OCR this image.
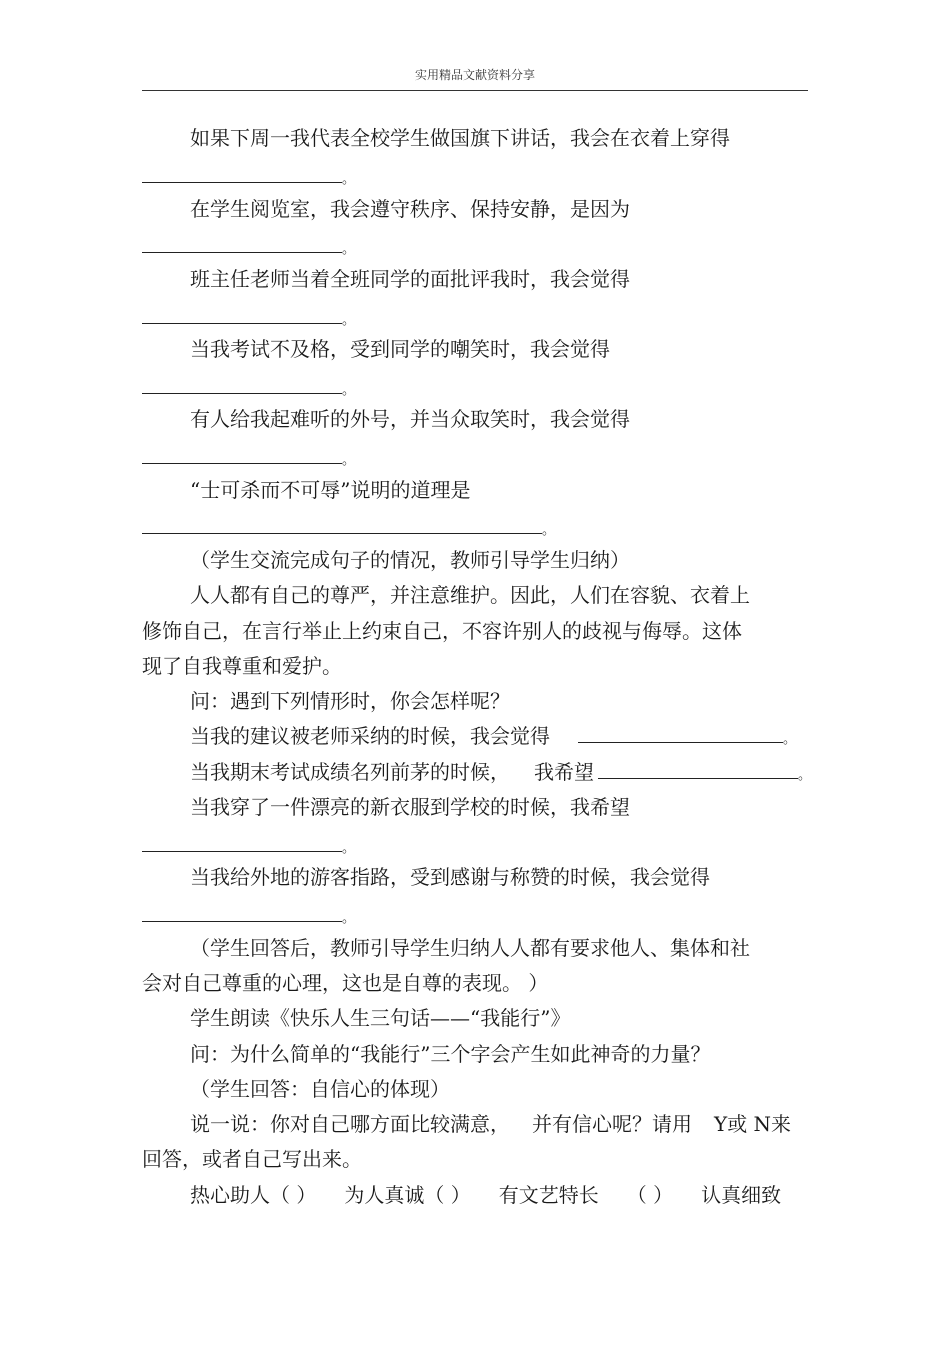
实用精品文献资料分享
如果下周一我代表全校学生做国旗下讲话，我会在衣着上穿得
。
在学生阅览室，我会遵守秩序、保持安静，是因为
。
班主任老师当着全班同学的面批评我时，我会觉得
。
当我考试不及格，受到同学的嘲笑时，我会觉得
。
有人给我起难听的外号，并当众取笑时，我会觉得
。
“士可杀而不可辱”说明的道理是
。
（学生交流完成句子的情况，教师引导学生归纳）
人人都有自己的尊严，并注意维护。因此，人们在容貌、衣着上
修饰自己，在言行举止上约束自己，不容许别人的歧视与侮辱。这体
现了自我尊重和爱护。
问：遇到下列情形时，你会怎样呢？
当我的建议被老师采纳的时候，我会觉得	。
当我期末考试成绩名列前茅的时候， 我希望	。
当我穿了一件漂亮的新衣服到学校的时候，我希望
。
当我给外地的游客指路，受到感谢与称赞的时候，我会觉得
。
（学生回答后，教师引导学生归纳人人都有要求他人、集体和社
会对自己尊重的心理，这也是自尊的表现。 ）
学生朗读《快乐人生三句话——“我能行”》
问：为什么简单的“我能行”三个字会产生如此神奇的力量？
（学生回答：自信心的体现）
说一说：你对自己哪方面比较满意， 并有信心呢？请用 Y或 N来
回答，或者自己写出来。
热心助人（ ） 为人真诚（ ） 有文艺特长 （ ） 认真细致
